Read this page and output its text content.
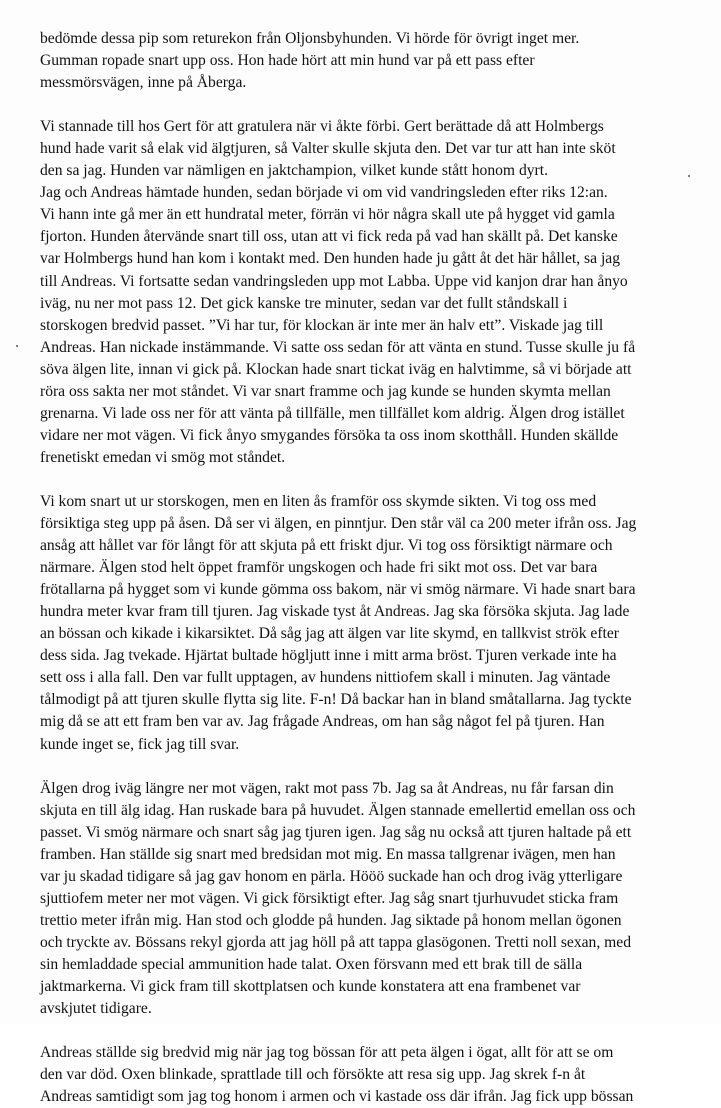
bedömde dessa pip som returekon från Oljonsbyhunden. Vi hörde för övrigt inget mer.
Gumman ropade snart upp oss. Hon hade hört att min hund var på ett pass efter
messmörsvägen, inne på Åberga.
Vi stannade till hos Gert för att gratulera när vi åkte förbi. Gert berättade då att Holmbergs
hund hade varit så elak vid älgtjuren, så Valter skulle skjuta den. Det var tur att han inte sköt
den sa jag. Hunden var nämligen en jaktchampion, vilket kunde stått honom dyrt.
Jag och Andreas hämtade hunden, sedan började vi om vid vandringsleden efter riks 12:an.
Vi hann inte gå mer än ett hundratal meter, förrän vi hör några skall ute på hygget vid gamla
fjorton. Hunden återvände snart till oss, utan att vi fick reda på vad han skällt på. Det kanske
var Holmbergs hund han kom i kontakt med. Den hunden hade ju gått åt det här hållet, sa jag
till Andreas. Vi fortsatte sedan vandringsleden upp mot Labba. Uppe vid kanjon drar han ånyo
iväg, nu ner mot pass 12. Det gick kanske tre minuter, sedan var det fullt ståndskall i
storskogen bredvid passet. ”Vi har tur, för klockan är inte mer än halv ett”. Viskade jag till
Andreas. Han nickade instämmande. Vi satte oss sedan för att vänta en stund. Tusse skulle ju få
söva älgen lite, innan vi gick på. Klockan hade snart tickat iväg en halvtimme, så vi började att
röra oss sakta ner mot ståndet. Vi var snart framme och jag kunde se hunden skymta mellan
grenarna. Vi lade oss ner för att vänta på tillfälle, men tillfället kom aldrig. Älgen drog istället
vidare ner mot vägen. Vi fick ånyo smygandes försöka ta oss inom skotthåll. Hunden skällde
frenetiskt emedan vi smög mot ståndet.
Vi kom snart ut ur storskogen, men en liten ås framför oss skymde sikten. Vi tog oss med
försiktiga steg upp på åsen. Då ser vi älgen, en pinntjur. Den står väl ca 200 meter ifrån oss. Jag
ansåg att hållet var för långt för att skjuta på ett friskt djur. Vi tog oss försiktigt närmare och
närmare. Älgen stod helt öppet framför ungskogen och hade fri sikt mot oss. Det var bara
frötallarna på hygget som vi kunde gömma oss bakom, när vi smög närmare. Vi hade snart bara
hundra meter kvar fram till tjuren. Jag viskade tyst åt Andreas. Jag ska försöka skjuta. Jag lade
an bössan och kikade i kikarsiktet. Då såg jag att älgen var lite skymd, en tallkvist strök efter
dess sida. Jag tvekade. Hjärtat bultade högljutt inne i mitt arma bröst. Tjuren verkade inte ha
sett oss i alla fall. Den var fullt upptagen, av hundens nittiofem skall i minuten. Jag väntade
tålmodigt på att tjuren skulle flytta sig lite. F-n! Då backar han in bland småtallarna. Jag tyckte
mig då se att ett fram ben var av. Jag frågade Andreas, om han såg något fel på tjuren. Han
kunde inget se, fick jag till svar.
Älgen drog iväg längre ner mot vägen, rakt mot pass 7b. Jag sa åt Andreas, nu får farsan din
skjuta en till älg idag. Han ruskade bara på huvudet. Älgen stannade emellertid emellan oss och
passet. Vi smög närmare och snart såg jag tjuren igen. Jag såg nu också att tjuren haltade på ett
framben. Han ställde sig snart med bredsidan mot mig. En massa tallgrenar ivägen, men han
var ju skadad tidigare så jag gav honom en pärla. Hööö suckade han och drog iväg ytterligare
sjuttiofem meter ner mot vägen. Vi gick försiktigt efter. Jag såg snart tjurhuvudet sticka fram
trettio meter ifrån mig. Han stod och glodde på hunden. Jag siktade på honom mellan ögonen
och tryckte av. Bössans rekyl gjorda att jag höll på att tappa glasögonen. Tretti noll sexan, med
sin hemladdade special ammunition hade talat. Oxen försvann med ett brak till de sälla
jaktmarkerna. Vi gick fram till skottplatsen och kunde konstatera att ena frambenet var
avskjutet tidigare.
Andreas ställde sig bredvid mig när jag tog bössan för att peta älgen i ögat, allt för att se om
den var död. Oxen blinkade, sprattlade till och försökte att resa sig upp. Jag skrek f-n åt
Andreas samtidigt som jag tog honom i armen och vi kastade oss där ifrån. Jag fick upp bössan
